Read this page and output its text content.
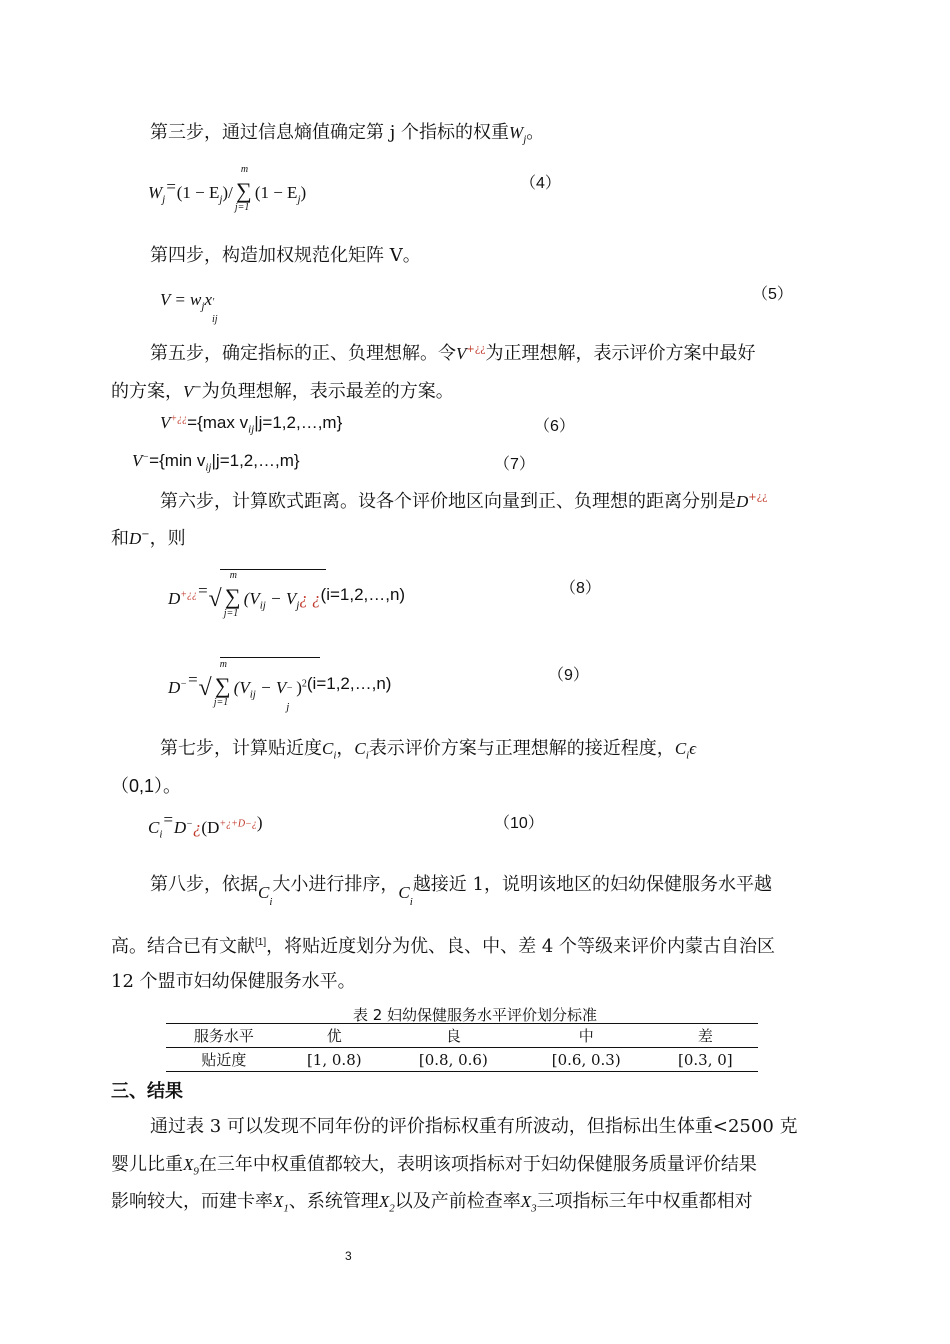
第三步，通过信息熵值确定第 j 个指标的权重$W_j$。
$W_j=(1 - E_j)/$
m
∑
j=1
$(1 - E_j)$	（4）
第四步，构造加权规范化矩阵 V。
$V = w_jx$ ′
ij
（5）
第五步，确定指标的正、负理想解。令V+¿¿为正理想解，表示评价方案中最好
的方案，V−为负理想解，表示最差的方案。
V+¿¿={max $v_{ij}|j=1,2,\dots,m$}	（6）
V−={min $v_{ij}|j=1,2,\dots,m$}	（7）
第六步，计算欧式距离。设各个评价地区向量到正、负理想的距离分别是D+¿¿
和D−，则
D+¿¿=√
m
∑
j=1
($V_{ij}$ − $V_j¿$ ¿(i=1,2,…,n)	（8）
D−=√
m
∑
j=1
($V_{ij} - V$ −
j
)$^2$(i=1,2,…,n)	（9）
第七步，计算贴近度$C_i$，$C_i$表示评价方案与正理想解的接近程度，$C_i\epsilon$
（0,1）。
$C_i=D^-¿(D^{+¿+D-¿})$	（10）
第八步，依据$C_i$大小进行排序，$C_i$越接近 1，说明该地区的妇幼保健服务水平越
高。结合已有文献[1]，将贴近度划分为优、良、中、差 4 个等级来评价内蒙古自治区
12 个盟市妇幼保健服务水平。
表 2 妇幼保健服务水平评价划分标准
服务水平	优	良	中	差
贴近度	[1, 0.8)	[0.8, 0.6)	[0.6, 0.3)	[0.3, 0]
三、结果
通过表 3 可以发现不同年份的评价指标权重有所波动，但指标出生体重<2500 克
婴儿比重$X_9$在三年中权重值都较大，表明该项指标对于妇幼保健服务质量评价结果
影响较大，而建卡率$X_1$、系统管理$X_2$以及产前检查率$X_3$三项指标三年中权重都相对
3
